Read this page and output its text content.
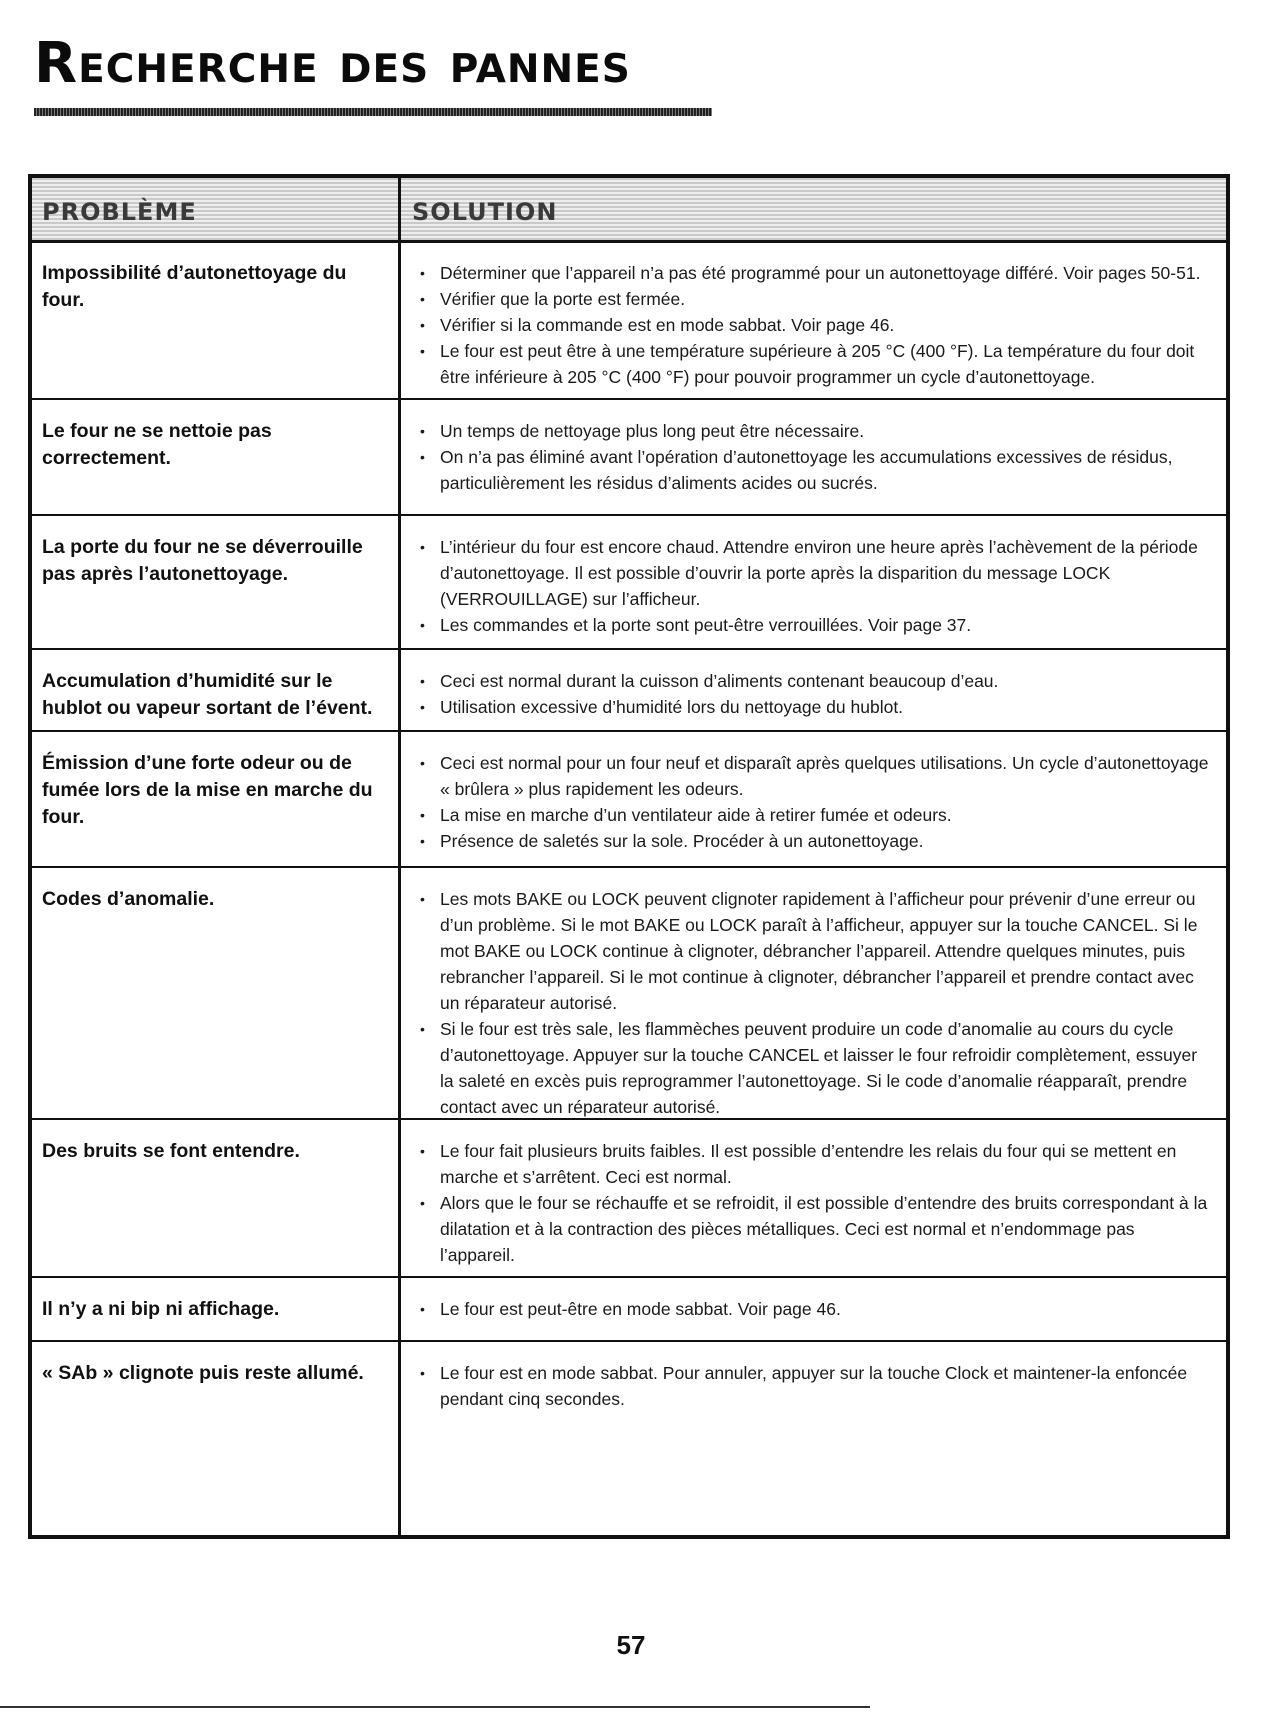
Recherche des pannes
PROBLÈME	SOLUTION
Impossibilité d’autonettoyage du four.
• Déterminer que l’appareil n’a pas été programmé pour un autonettoyage différé. Voir pages 50-51.
• Vérifier que la porte est fermée.
• Vérifier si la commande est en mode sabbat. Voir page 46.
• Le four est peut être à une température supérieure à 205 °C (400 °F). La température du four doit être inférieure à 205 °C (400 °F) pour pouvoir programmer un cycle d’autonettoyage.
Le four ne se nettoie pas correctement.
• Un temps de nettoyage plus long peut être nécessaire.
• On n’a pas éliminé avant l’opération d’autonettoyage les accumulations excessives de résidus, particulièrement les résidus d’aliments acides ou sucrés.
La porte du four ne se déverrouille pas après l’autonettoyage.
• L’intérieur du four est encore chaud. Attendre environ une heure après l’achèvement de la période d’autonettoyage. Il est possible d’ouvrir la porte après la disparition du message LOCK (VERROUILLAGE) sur l’afficheur.
• Les commandes et la porte sont peut-être verrouillées. Voir page 37.
Accumulation d’humidité sur le hublot ou vapeur sortant de l’évent.
• Ceci est normal durant la cuisson d’aliments contenant beaucoup d’eau.
• Utilisation excessive d’humidité lors du nettoyage du hublot.
Émission d’une forte odeur ou de fumée lors de la mise en marche du four.
• Ceci est normal pour un four neuf et disparaît après quelques utilisations. Un cycle d’autonettoyage « brûlera » plus rapidement les odeurs.
• La mise en marche d’un ventilateur aide à retirer fumée et odeurs.
• Présence de saletés sur la sole. Procéder à un autonettoyage.
Codes d’anomalie.	• Les mots BAKE ou LOCK peuvent clignoter rapidement à l’afficheur pour prévenir d’une erreur ou d’un problème. Si le mot BAKE ou LOCK paraît à l’afficheur, appuyer sur la touche CANCEL. Si le mot BAKE ou LOCK continue à clignoter, débrancher l’appareil. Attendre quelques minutes, puis rebrancher l’appareil. Si le mot continue à clignoter, débrancher l’appareil et prendre contact avec un réparateur autorisé.
• Si le four est très sale, les flammèches peuvent produire un code d’anomalie au cours du cycle d’autonettoyage. Appuyer sur la touche CANCEL et laisser le four refroidir complètement, essuyer la saleté en excès puis reprogrammer l’autonettoyage. Si le code d’anomalie réapparaît, prendre contact avec un réparateur autorisé.
Des bruits se font entendre.	• Le four fait plusieurs bruits faibles. Il est possible d’entendre les relais du four qui se mettent en marche et s’arrêtent. Ceci est normal.
• Alors que le four se réchauffe et se refroidit, il est possible d’entendre des bruits correspondant à la dilatation et à la contraction des pièces métalliques. Ceci est normal et n’endommage pas l’appareil.
Il n’y a ni bip ni affichage.	• Le four est peut-être en mode sabbat. Voir page 46.
« SAb » clignote puis reste allumé.	• Le four est en mode sabbat. Pour annuler, appuyer sur la touche Clock et maintener-la enfoncée pendant cinq secondes.
57
